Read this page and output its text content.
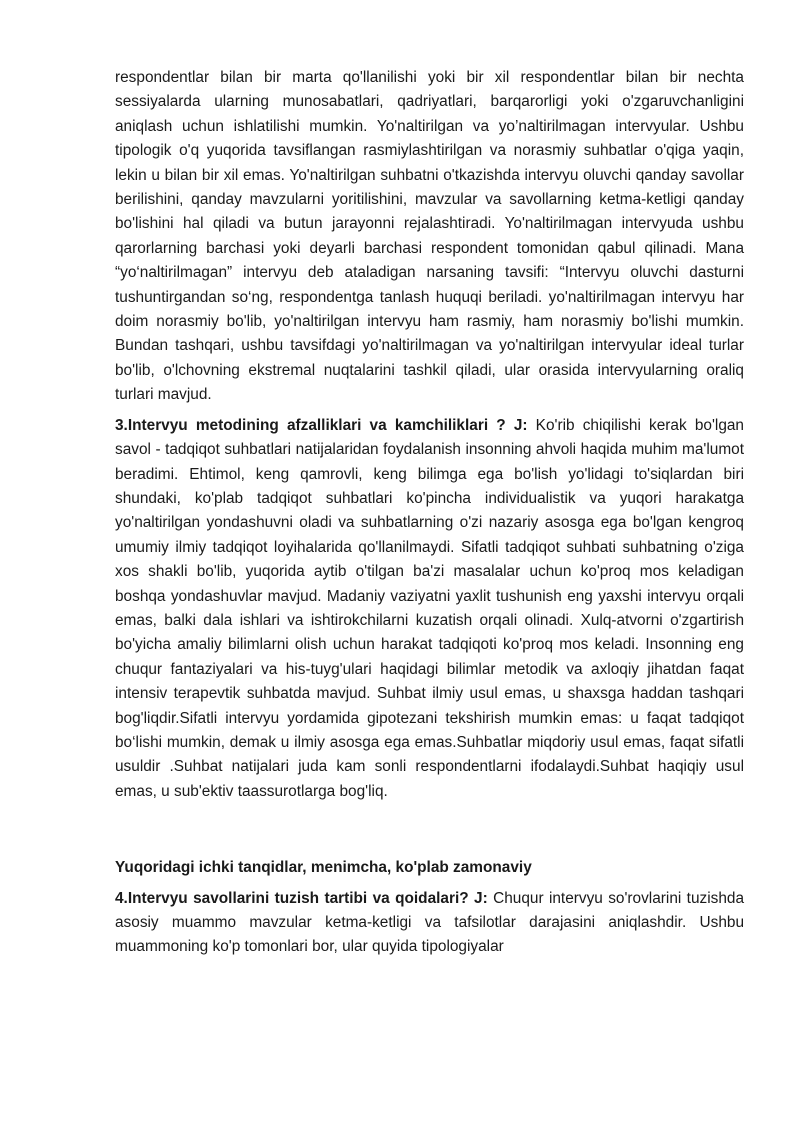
respondentlar bilan bir marta qo'llanilishi yoki bir xil respondentlar bilan bir nechta sessiyalarda ularning munosabatlari, qadriyatlari, barqarorligi yoki o'zgaruvchanligini aniqlash uchun ishlatilishi mumkin. Yo'naltirilgan va yo’naltirilmagan intervyular. Ushbu tipologik o'q yuqorida tavsiflangan rasmiylashtirilgan va norasmiy suhbatlar o'qiga yaqin, lekin u bilan bir xil emas. Yo'naltirilgan suhbatni o'tkazishda intervyu oluvchi qanday savollar berilishini, qanday mavzularni yoritilishini, mavzular va savollarning ketma-ketligi qanday bo'lishini hal qiladi va butun jarayonni rejalashtiradi. Yo'naltirilmagan intervyuda ushbu qarorlarning barchasi yoki deyarli barchasi respondent tomonidan qabul qilinadi. Mana “yo‘naltirilmagan” intervyu deb ataladigan narsaning tavsifi: “Intervyu oluvchi dasturni tushuntirgandan so‘ng, respondentga tanlash huquqi beriladi. yo'naltirilmagan intervyu har doim norasmiy bo'lib, yo'naltirilgan intervyu ham rasmiy, ham norasmiy bo'lishi mumkin. Bundan tashqari, ushbu tavsifdagi yo'naltirilmagan va yo'naltirilgan intervyular ideal turlar bo'lib, o'lchovning ekstremal nuqtalarini tashkil qiladi, ular orasida intervyularning oraliq turlari mavjud.

3.Intervyu metodining afzalliklari va kamchiliklari ? J: Ko'rib chiqilishi kerak bo'lgan savol - tadqiqot suhbatlari natijalaridan foydalanish insonning ahvoli haqida muhim ma'lumot beradimi. Ehtimol, keng qamrovli, keng bilimga ega bo'lish yo'lidagi to'siqlardan biri shundaki, ko'plab tadqiqot suhbatlari ko'pincha individualistik va yuqori harakatga yo'naltirilgan yondashuvni oladi va suhbatlarning o'zi nazariy asosga ega bo'lgan kengroq umumiy ilmiy tadqiqot loyihalarida qo'llanilmaydi. Sifatli tadqiqot suhbati suhbatning o'ziga xos shakli bo'lib, yuqorida aytib o'tilgan ba'zi masalalar uchun ko'proq mos keladigan boshqa yondashuvlar mavjud. Madaniy vaziyatni yaxlit tushunish eng yaxshi intervyu orqali emas, balki dala ishlari va ishtirokchilarni kuzatish orqali olinadi. Xulq-atvorni o'zgartirish bo'yicha amaliy bilimlarni olish uchun harakat tadqiqoti ko'proq mos keladi. Insonning eng chuqur fantaziyalari va his-tuyg'ulari haqidagi bilimlar metodik va axloqiy jihatdan faqat intensiv terapevtik suhbatda mavjud. Suhbat ilmiy usul emas, u shaxsga haddan tashqari bog'liqdir.Sifatli intervyu yordamida gipotezani tekshirish mumkin emas: u faqat tadqiqot bo‘lishi mumkin, demak u ilmiy asosga ega emas.Suhbatlar miqdoriy usul emas, faqat sifatli usuldir .Suhbat natijalari juda kam sonli respondentlarni ifodalaydi.Suhbat haqiqiy usul emas, u sub'ektiv taassurotlarga bog'liq.

Yuqoridagi ichki tanqidlar, menimcha, ko'plab zamonaviy

4.Intervyu savollarini tuzish tartibi va qoidalari? J: Chuqur intervyu so'rovlarini tuzishda asosiy muammo mavzular ketma-ketligi va tafsilotlar darajasini aniqlashdir. Ushbu muammoning ko'p tomonlari bor, ular quyida tipologiyalar
